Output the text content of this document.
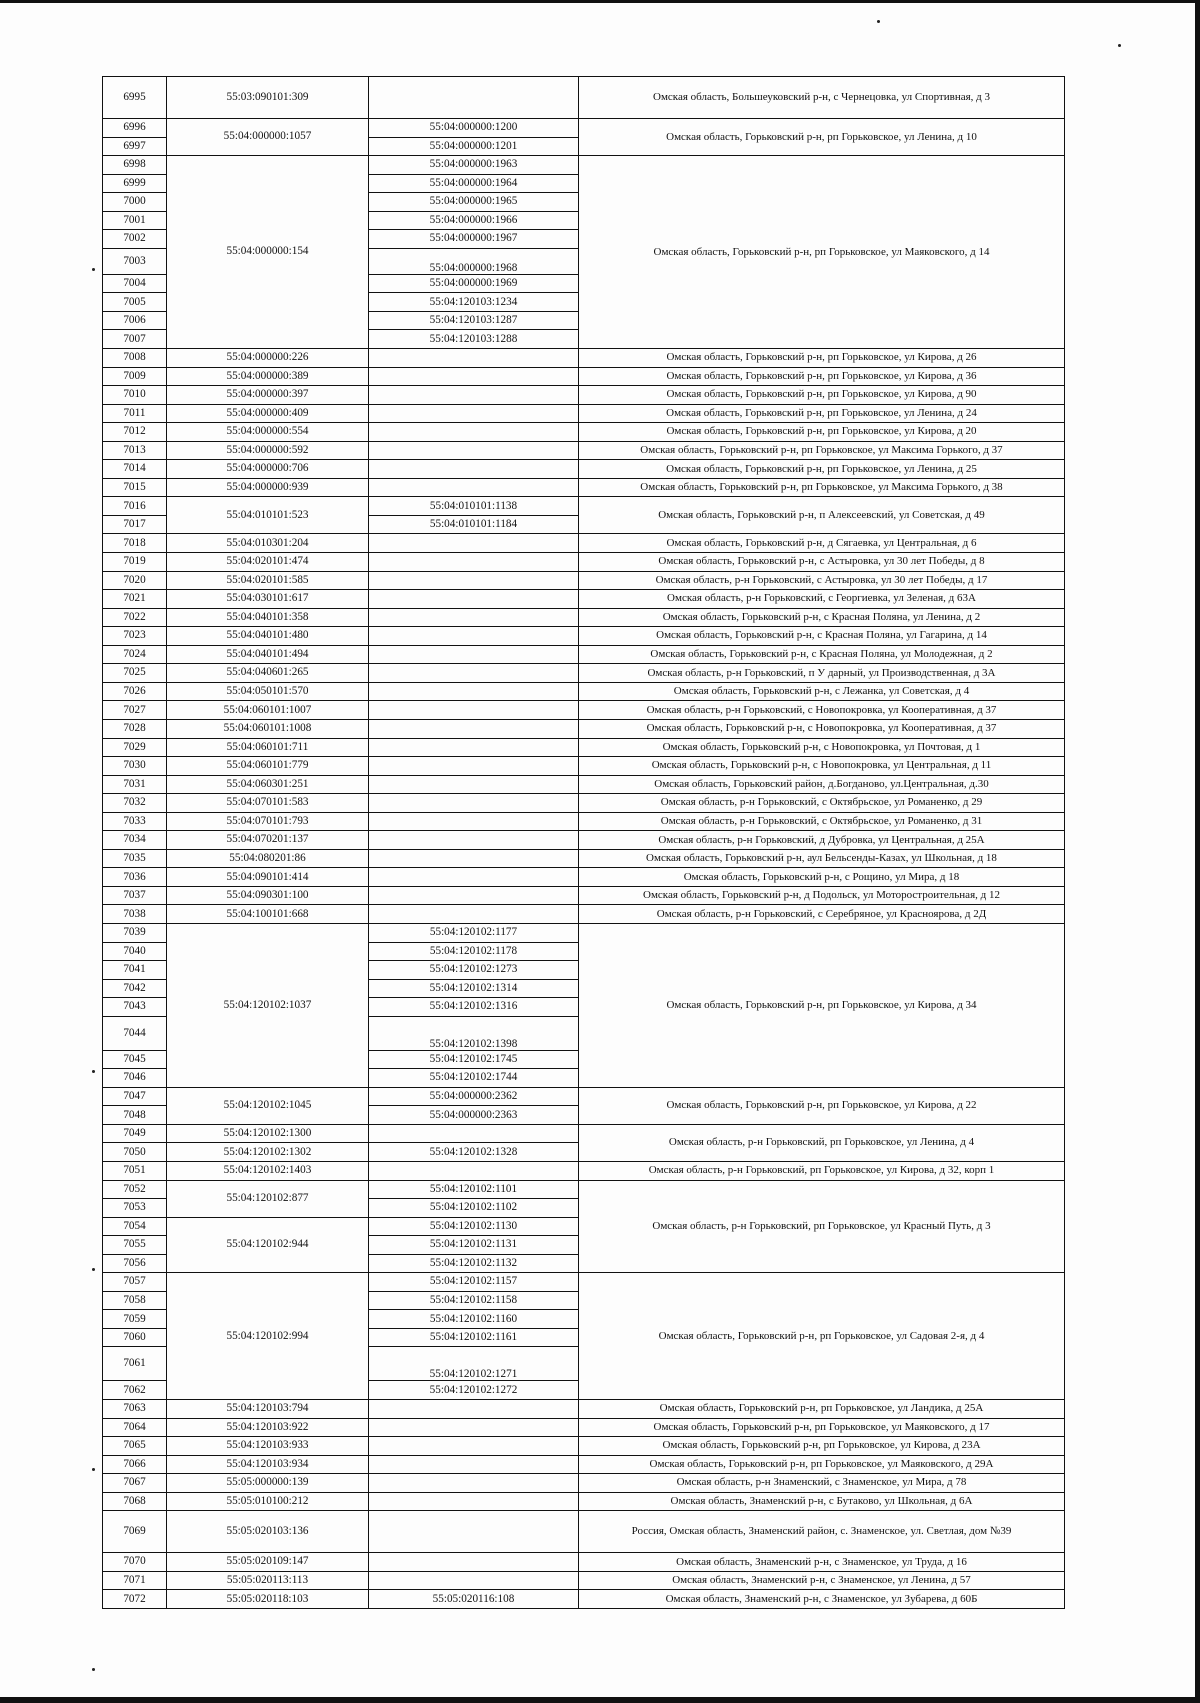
6995	55:03:090101:309		Омская область, Большеуковский р-н, с Чернецовка, ул Спортивная, д 3
6996	55:04:000000:1057	55:04:000000:1200	Омская область, Горьковский р-н, рп Горьковское, ул Ленина, д 10
6997		55:04:000000:1201	
6998	55:04:000000:154	55:04:000000:1963	Омская область, Горьковский р-н, рп Горьковское, ул Маяковского, д 14
6999		55:04:000000:1964	
7000		55:04:000000:1965	
7001		55:04:000000:1966	
7002		55:04:000000:1967	
7003		55:04:000000:1968	
7004		55:04:000000:1969	
7005		55:04:120103:1234	
7006		55:04:120103:1287	
7007		55:04:120103:1288	
7008	55:04:000000:226		Омская область, Горьковский р-н, рп Горьковское, ул Кирова, д 26
7009	55:04:000000:389		Омская область, Горьковский р-н, рп Горьковское, ул Кирова, д 36
7010	55:04:000000:397		Омская область, Горьковский р-н, рп Горьковское, ул Кирова, д 90
7011	55:04:000000:409		Омская область, Горьковский р-н, рп Горьковское, ул Ленина, д 24
7012	55:04:000000:554		Омская область, Горьковский р-н, рп Горьковское, ул Кирова, д 20
7013	55:04:000000:592		Омская область, Горьковский р-н, рп Горьковское, ул Максима Горького, д 37
7014	55:04:000000:706		Омская область, Горьковский р-н, рп Горьковское, ул Ленина, д 25
7015	55:04:000000:939		Омская область, Горьковский р-н, рп Горьковское, ул Максима Горького, д 38
7016	55:04:010101:523	55:04:010101:1138	Омская область, Горьковский р-н, п Алексеевский, ул Советская, д 49
7017		55:04:010101:1184	
7018	55:04:010301:204		Омская область, Горьковский р-н, д Сягаевка, ул Центральная, д 6
7019	55:04:020101:474		Омская область, Горьковский р-н, с Астыровка, ул 30 лет Победы, д 8
7020	55:04:020101:585		Омская область, р-н Горьковский, с Астыровка, ул 30 лет Победы, д 17
7021	55:04:030101:617		Омская область, р-н Горьковский, с Георгиевка, ул Зеленая, д 63А
7022	55:04:040101:358		Омская область, Горьковский р-н, с Красная Поляна, ул Ленина, д 2
7023	55:04:040101:480		Омская область, Горьковский р-н, с Красная Поляна, ул Гагарина, д 14
7024	55:04:040101:494		Омская область, Горьковский р-н, с Красная Поляна, ул Молодежная, д 2
7025	55:04:040601:265		Омская область, р-н Горьковский, п У дарный, ул Производственная, д 3А
7026	55:04:050101:570		Омская область, Горьковский р-н, с Лежанка, ул Советская, д 4
7027	55:04:060101:1007		Омская область, р-н Горьковский, с Новопокровка, ул Кооперативная, д 37
7028	55:04:060101:1008		Омская область, Горьковский р-н, с Новопокровка, ул Кооперативная, д 37
7029	55:04:060101:711		Омская область, Горьковский р-н, с Новопокровка, ул Почтовая, д 1
7030	55:04:060101:779		Омская область, Горьковский р-н, с Новопокровка, ул Центральная, д 11
7031	55:04:060301:251		Омская область, Горьковский район, д.Богданово, ул.Центральная, д.30
7032	55:04:070101:583		Омская область, р-н Горьковский, с Октябрьское, ул Романенко, д 29
7033	55:04:070101:793		Омская область, р-н Горьковский, с Октябрьское, ул Романенко, д 31
7034	55:04:070201:137		Омская область, р-н Горьковский, д Дубровка, ул Центральная, д 25А
7035	55:04:080201:86		Омская область, Горьковский р-н, аул Бельсенды-Казах, ул Школьная, д 18
7036	55:04:090101:414		Омская область, Горьковский р-н, с Рощино, ул Мира, д 18
7037	55:04:090301:100		Омская область, Горьковский р-н, д Подольск, ул Моторостроительная, д 12
7038	55:04:100101:668		Омская область, р-н Горьковский, с Серебряное, ул Красноярова, д 2Д
7039	55:04:120102:1037	55:04:120102:1177	Омская область, Горьковский р-н, рп Горьковское, ул Кирова, д 34
7040		55:04:120102:1178	
7041		55:04:120102:1273	
7042		55:04:120102:1314	
7043		55:04:120102:1316	
7044		55:04:120102:1398	
7045		55:04:120102:1745	
7046		55:04:120102:1744	
7047	55:04:120102:1045	55:04:000000:2362	Омская область, Горьковский р-н, рп Горьковское, ул Кирова, д 22
7048		55:04:000000:2363	
7049	55:04:120102:1300		Омская область, р-н Горьковский, рп Горьковское, ул Ленина, д 4
7050	55:04:120102:1302	55:04:120102:1328	
7051	55:04:120102:1403		Омская область, р-н Горьковский, рп Горьковское, ул Кирова, д 32, корп 1
7052	55:04:120102:877	55:04:120102:1101	Омская область, р-н Горьковский, рп Горьковское, ул Красный Путь, д 3
7053		55:04:120102:1102	
7054	55:04:120102:944	55:04:120102:1130	
7055		55:04:120102:1131	
7056		55:04:120102:1132	
7057	55:04:120102:994	55:04:120102:1157	Омская область, Горьковский р-н, рп Горьковское, ул Садовая 2-я, д 4
7058		55:04:120102:1158	
7059		55:04:120102:1160	
7060		55:04:120102:1161	
7061		55:04:120102:1271	
7062		55:04:120102:1272	
7063	55:04:120103:794		Омская область, Горьковский р-н, рп Горьковское, ул Ландика, д 25А
7064	55:04:120103:922		Омская область, Горьковский р-н, рп Горьковское, ул Маяковского, д 17
7065	55:04:120103:933		Омская область, Горьковский р-н, рп Горьковское, ул Кирова, д 23А
7066	55:04:120103:934		Омская область, Горьковский р-н, рп Горьковское, ул Маяковского, д 29А
7067	55:05:000000:139		Омская область, р-н Знаменский, с Знаменское, ул Мира, д 78
7068	55:05:010100:212		Омская область, Знаменский р-н, с Бутаково, ул Школьная, д 6А
7069	55:05:020103:136		Россия, Омская область, Знаменский район, с. Знаменское, ул. Светлая, дом №39
7070	55:05:020109:147		Омская область, Знаменский р-н, с Знаменское, ул Труда, д 16
7071	55:05:020113:113		Омская область, Знаменский р-н, с Знаменское, ул Ленина, д 57
7072	55:05:020118:103	55:05:020116:108	Омская область, Знаменский р-н, с Знаменское, ул Зубарева, д 60Б
